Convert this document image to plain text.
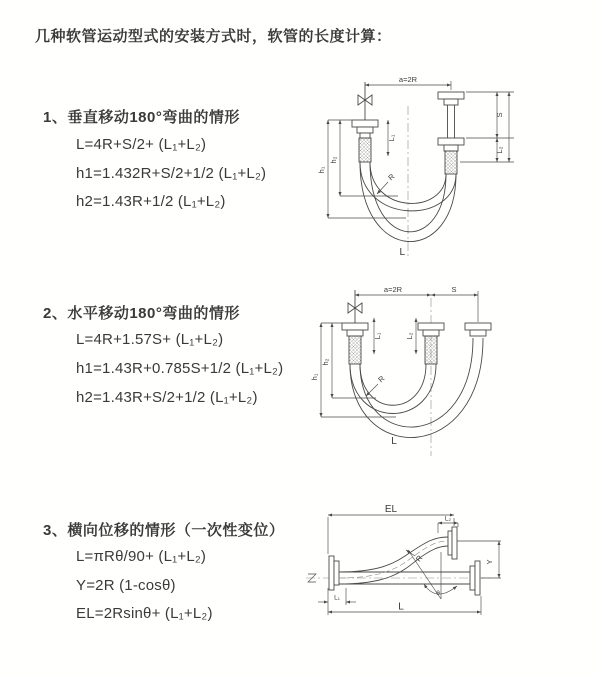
几种软管运动型式的安装方式时，软管的长度计算：
1、垂直移动180°弯曲的情形
L=4R+S/2+ (L₁+L₂)
h1=1.432R+S/2+1/2 (L₁+L₂)
h2=1.43R+1/2 (L₁+L₂)
a=2R
S
L₂
L₁
h₂
h₁
R
L
2、水平移动180°弯曲的情形
L=4R+1.57S+ (L₁+L₂)
h1=1.43R+0.785S+1/2 (L₁+L₂)
h2=1.43R+S/2+1/2 (L₁+L₂)
a=2R	S
L₁	L₂
h₂
h₁	R
L
3、横向位移的情形（一次性变位）
L=πRθ/90+ (L₁+L₂)
Y=2R (1-cosθ)
EL=2Rsinθ+ (L₁+L₂)
EL
L₂
Y
R
θ
L₁
L
